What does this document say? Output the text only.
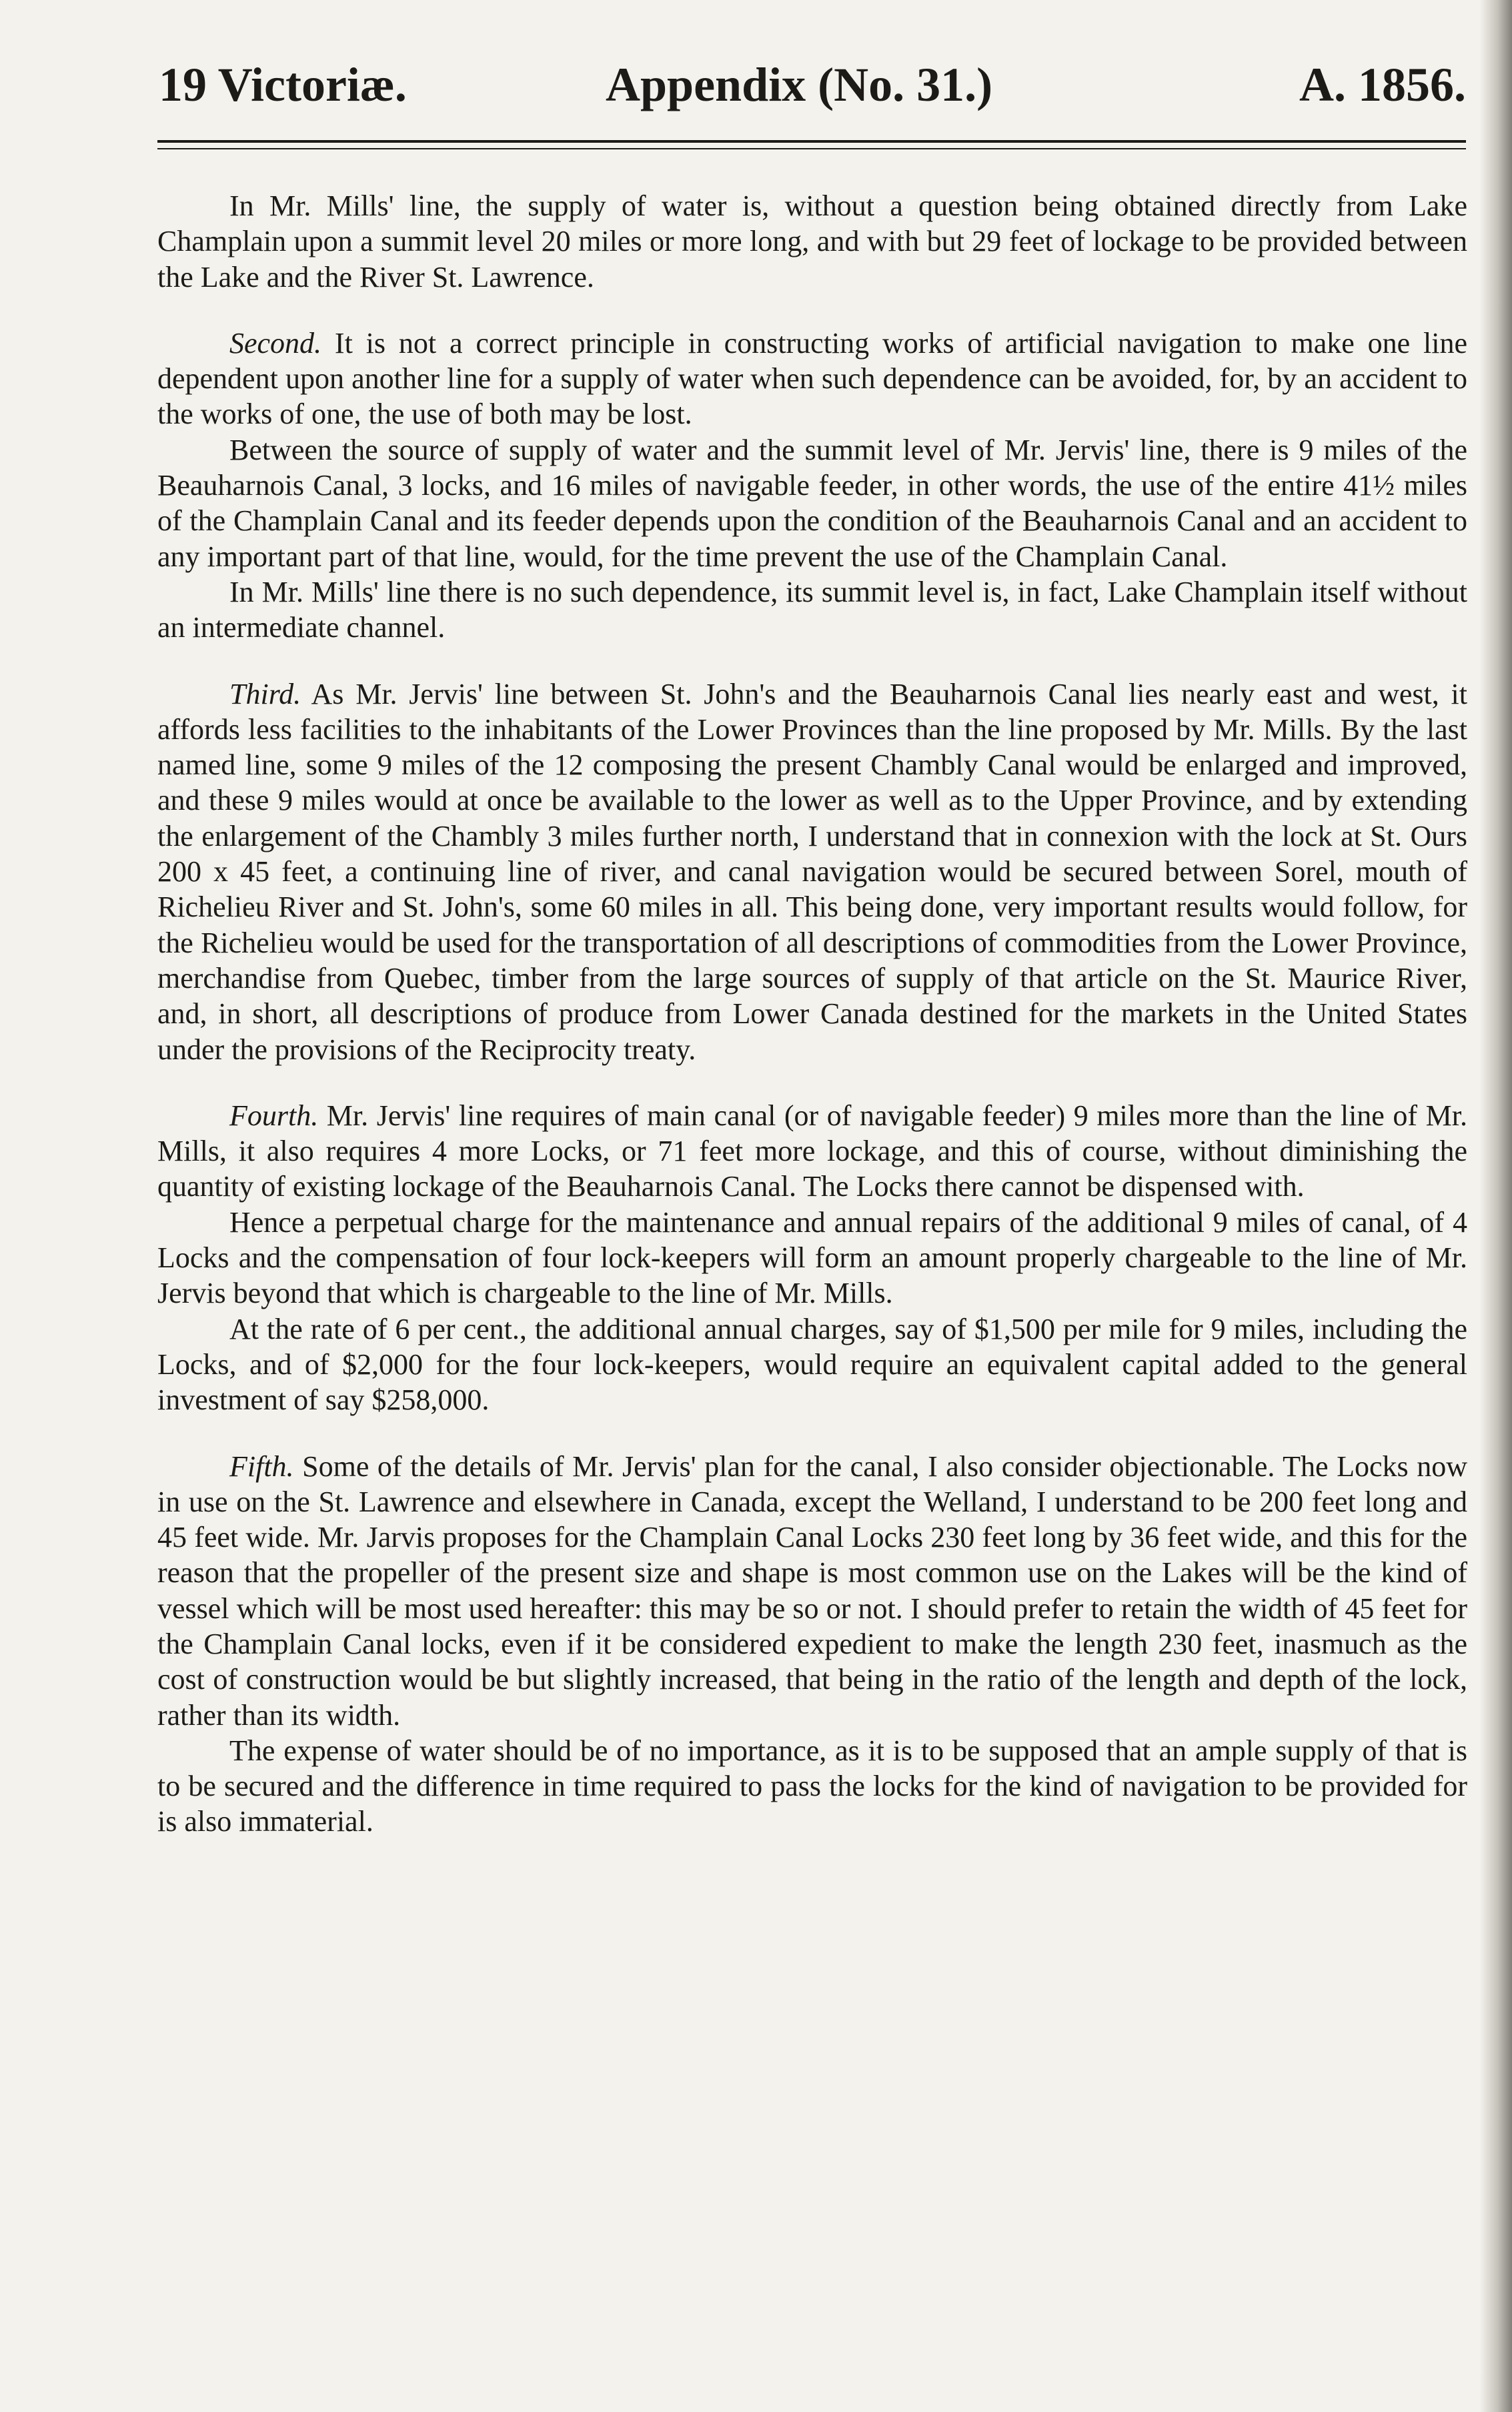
19 Victoriæ.	Appendix (No. 31.)	A. 1856.

In Mr. Mills' line, the supply of water is, without a question being obtained directly from Lake Champlain upon a summit level 20 miles or more long, and with but 29 feet of lockage to be provided between the Lake and the River St. Lawrence.

Second. It is not a correct principle in constructing works of artificial navigation to make one line dependent upon another line for a supply of water when such dependence can be avoided, for, by an accident to the works of one, the use of both may be lost.

Between the source of supply of water and the summit level of Mr. Jervis' line, there is 9 miles of the Beauharnois Canal, 3 locks, and 16 miles of navigable feeder, in other words, the use of the entire 41½ miles of the Champlain Canal and its feeder depends upon the condition of the Beauharnois Canal and an accident to any important part of that line, would, for the time prevent the use of the Champlain Canal.

In Mr. Mills' line there is no such dependence, its summit level is, in fact, Lake Champlain itself without an intermediate channel.

Third. As Mr. Jervis' line between St. John's and the Beauharnois Canal lies nearly east and west, it affords less facilities to the inhabitants of the Lower Provinces than the line proposed by Mr. Mills. By the last named line, some 9 miles of the 12 composing the present Chambly Canal would be enlarged and improved, and these 9 miles would at once be available to the lower as well as to the Upper Province, and by extending the enlargement of the Chambly 3 miles further north, I understand that in connexion with the lock at St. Ours 200 x 45 feet, a continuing line of river, and canal navigation would be secured between Sorel, mouth of Richelieu River and St. John's, some 60 miles in all. This being done, very important results would follow, for the Richelieu would be used for the transportation of all descriptions of commodities from the Lower Province, merchandise from Quebec, timber from the large sources of supply of that article on the St. Maurice River, and, in short, all descriptions of produce from Lower Canada destined for the markets in the United States under the provisions of the Reciprocity treaty.

Fourth. Mr. Jervis' line requires of main canal (or of navigable feeder) 9 miles more than the line of Mr. Mills, it also requires 4 more Locks, or 71 feet more lockage, and this of course, without diminishing the quantity of existing lockage of the Beauharnois Canal. The Locks there cannot be dispensed with.

Hence a perpetual charge for the maintenance and annual repairs of the additional 9 miles of canal, of 4 Locks and the compensation of four lock-keepers will form an amount properly chargeable to the line of Mr. Jervis beyond that which is chargeable to the line of Mr. Mills.

At the rate of 6 per cent., the additional annual charges, say of $1,500 per mile for 9 miles, including the Locks, and of $2,000 for the four lock-keepers, would require an equivalent capital added to the general investment of say $258,000.

Fifth. Some of the details of Mr. Jervis' plan for the canal, I also consider objectionable. The Locks now in use on the St. Lawrence and elsewhere in Canada, except the Welland, I understand to be 200 feet long and 45 feet wide. Mr. Jarvis proposes for the Champlain Canal Locks 230 feet long by 36 feet wide, and this for the reason that the propeller of the present size and shape is most common use on the Lakes will be the kind of vessel which will be most used hereafter: this may be so or not. I should prefer to retain the width of 45 feet for the Champlain Canal locks, even if it be considered expedient to make the length 230 feet, inasmuch as the cost of construction would be but slightly increased, that being in the ratio of the length and depth of the lock, rather than its width.

The expense of water should be of no importance, as it is to be supposed that an ample supply of that is to be secured and the difference in time required to pass the locks for the kind of navigation to be provided for is also immaterial.
